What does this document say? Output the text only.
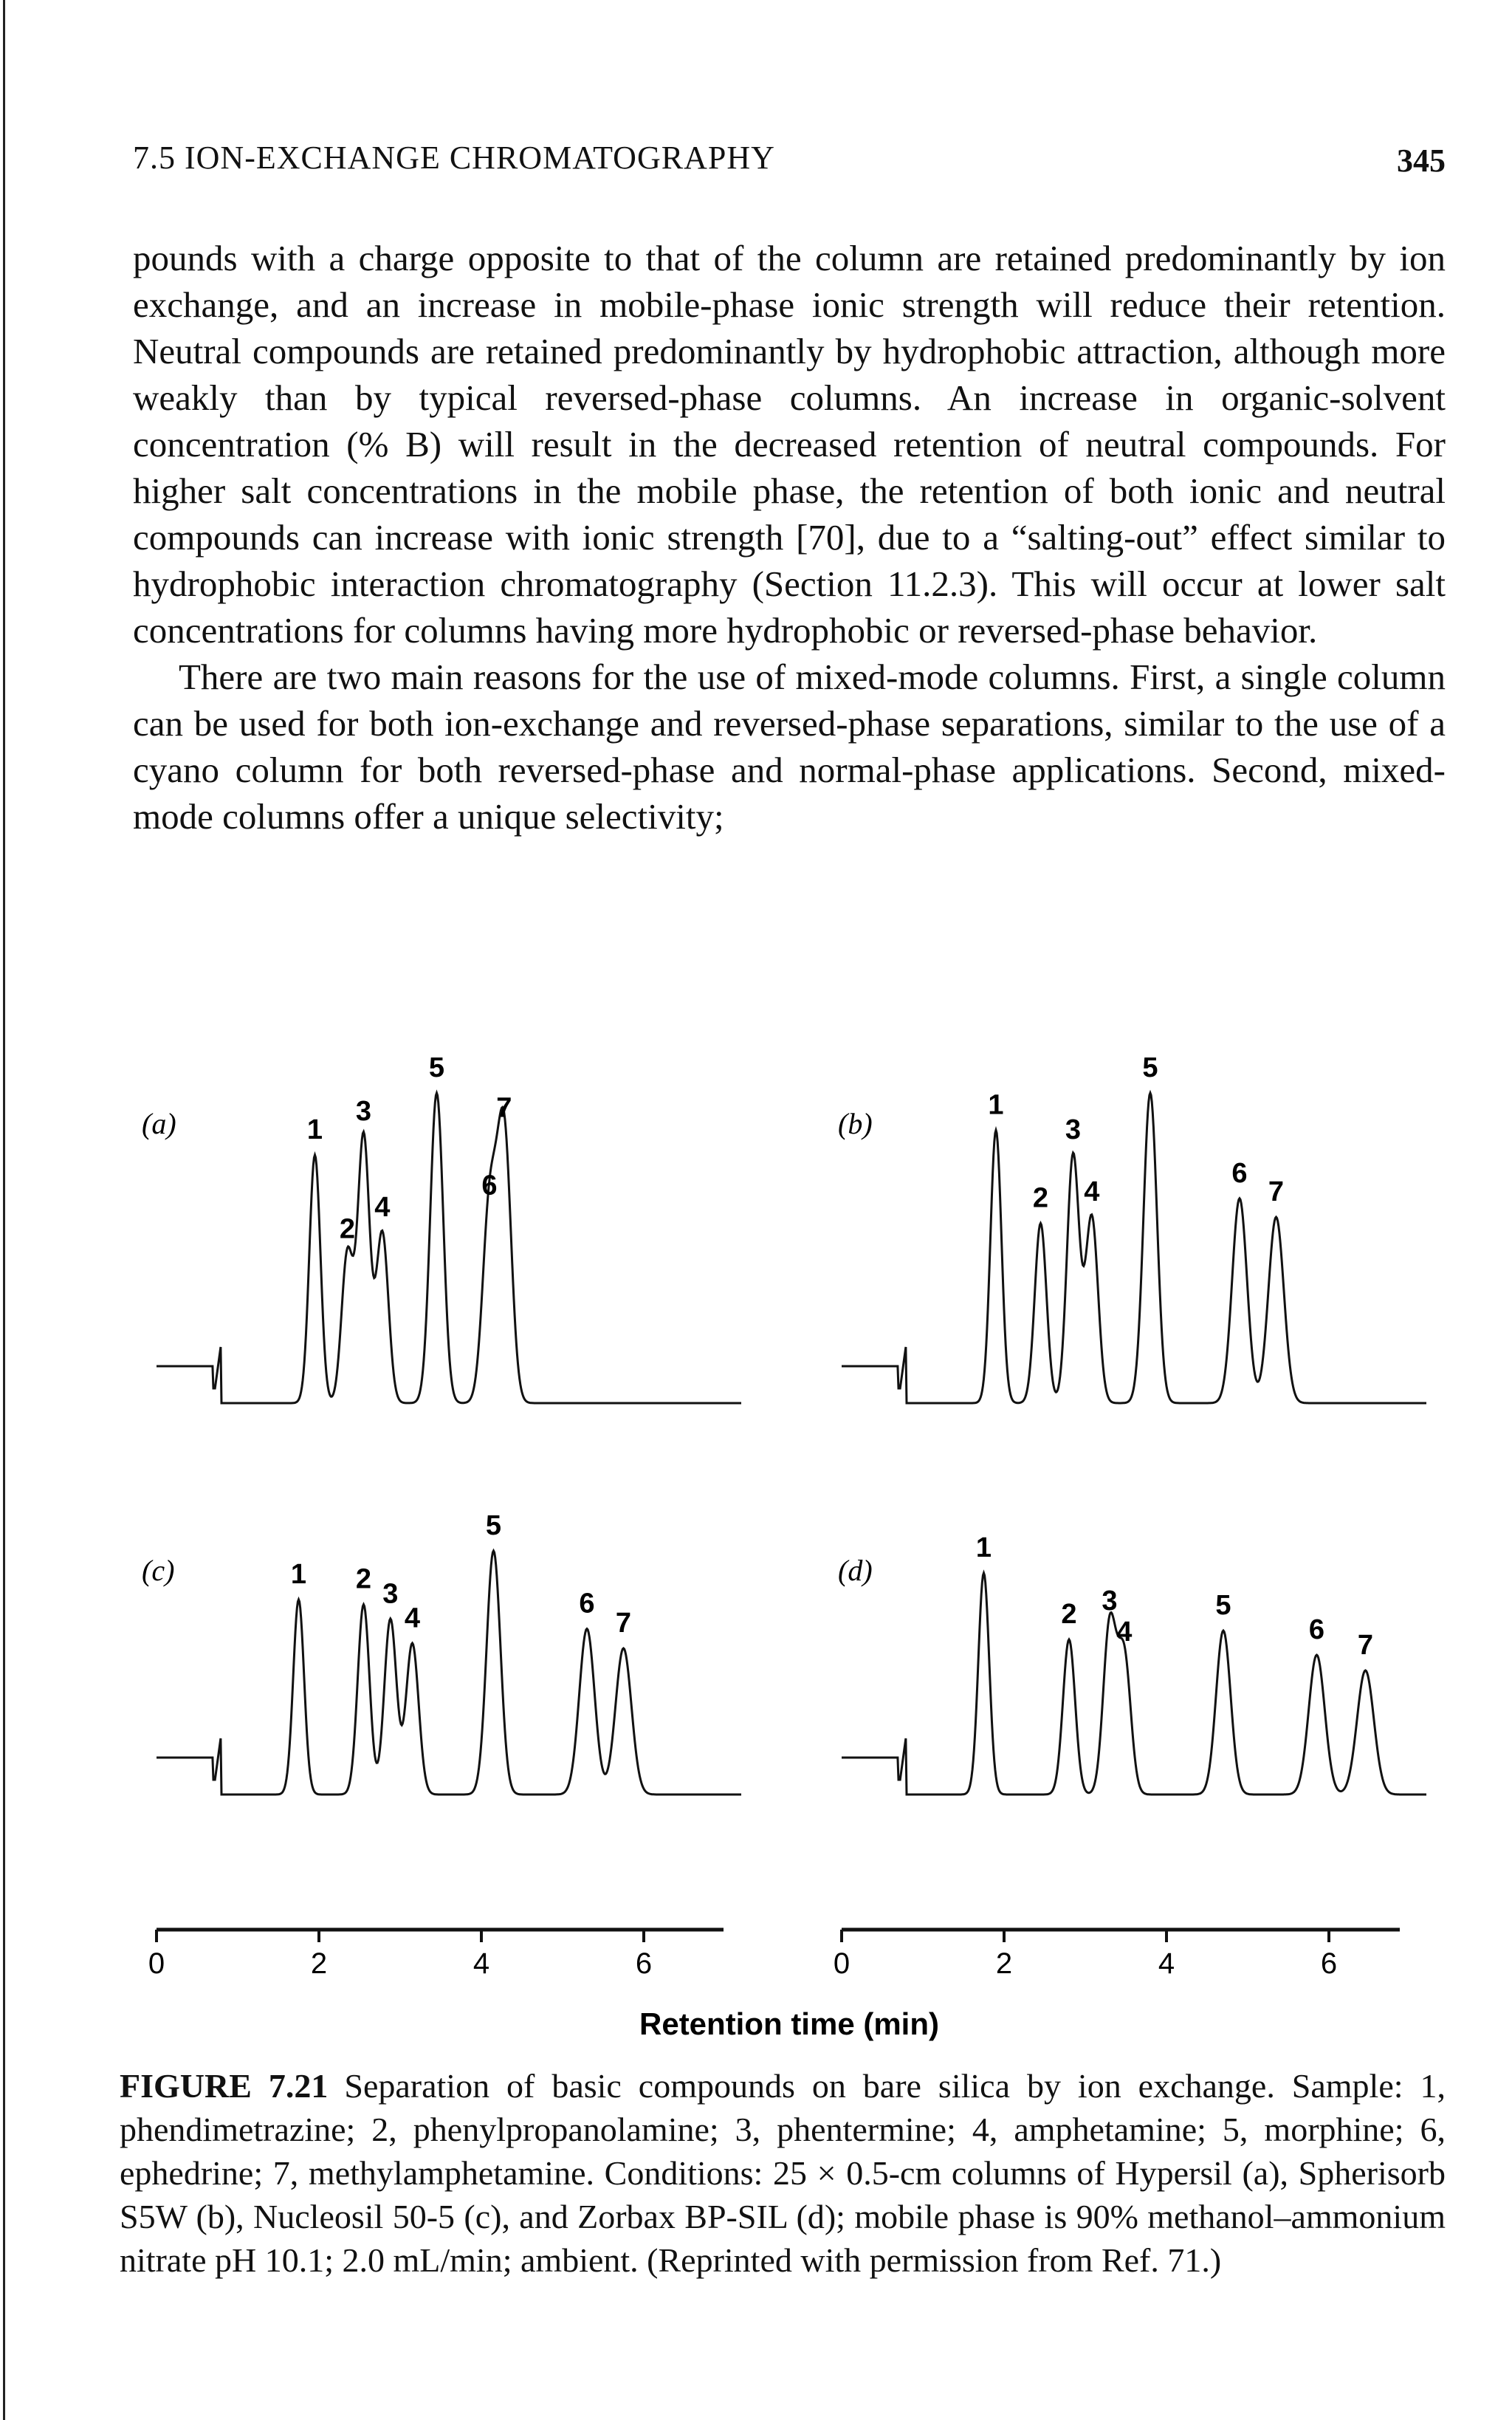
7.5 ION-EXCHANGE CHROMATOGRAPHY	345

pounds with a charge opposite to that of the column are retained predominantly by ion exchange, and an increase in mobile-phase ionic strength will reduce their retention. Neutral compounds are retained predominantly by hydrophobic attraction, although more weakly than by typical reversed-phase columns. An increase in organic-solvent concentration (% B) will result in the decreased retention of neutral compounds. For higher salt concentrations in the mobile phase, the retention of both ionic and neutral compounds can increase with ionic strength [70], due to a “salting-out” effect similar to hydrophobic interaction chromatography (Section 11.2.3). This will occur at lower salt concentrations for columns having more hydrophobic or reversed-phase behavior.

There are two main reasons for the use of mixed-mode columns. First, a single column can be used for both ion-exchange and reversed-phase separations, similar to the use of a cyano column for both reversed-phase and normal-phase applications. Second, mixed-mode columns offer a unique selectivity;

(a)	1
2
3
4
5
6
7	(b)
1
2
3
4
5
6
7
(c)	1 2 3
4
5
6
7
(d)
1
2 3
4
5
6 7
0	2	4	6	0	2	4	6
Retention time (min)
FIGURE 7.21 Separation of basic compounds on bare silica by ion exchange. Sample: 1, phendimetrazine; 2, phenylpropanolamine; 3, phentermine; 4, amphetamine; 5, morphine; 6, ephedrine; 7, methylamphetamine. Conditions: 25 × 0.5-cm columns of Hypersil (a), Spherisorb S5W (b), Nucleosil 50-5 (c), and Zorbax BP-SIL (d); mobile phase is 90% methanol–ammonium nitrate pH 10.1; 2.0 mL/min; ambient. (Reprinted with permission from Ref. 71.)
